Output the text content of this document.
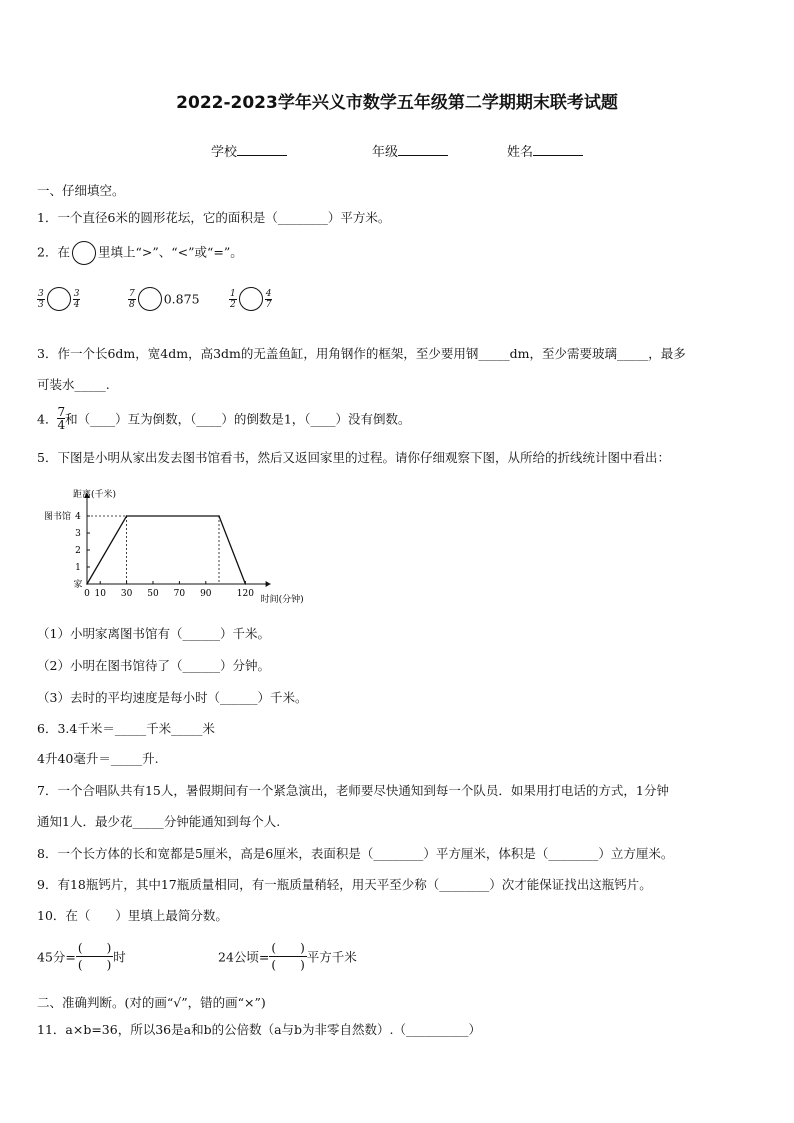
2022-2023学年兴义市数学五年级第二学期期末联考试题
学校	年级	姓名
一、仔细填空。
1．一个直径6米的圆形花坛，它的面积是（________）平方米。
2．在 里填上“>”、“<”或“=”。
$\frac{3}{3}$	$\frac{3}{4}$	$\frac{7}{8} 0.875$	$\frac{1}{2}$	$\frac{4}{7}$
3．作一个长6dm，宽4dm，高3dm的无盖鱼缸，用角钢作的框架，至少要用钢_____dm，至少需要玻璃_____，最多
可装水_____.
4． $\frac{7}{4}$ 和（____）互为倒数，（____）的倒数是1，（____）没有倒数。
5．下图是小明从家出发去图书馆看书，然后又返回家里的过程。请你仔细观察下图，从所给的折线统计图中看出：
距离(千米)
时间(分钟)
1
2
3
4
图书馆
家
0 10 30 50 70 90	120
（1）小明家离图书馆有（______）千米。
（2）小明在图书馆待了（______）分钟。
（3）去时的平均速度是每小时（______）千米。
6．3.4千米＝_____千米_____米
4升40毫升＝_____升.
7．一个合唱队共有15人，暑假期间有一个紧急演出，老师要尽快通知到每一个队员．如果用打电话的方式，1分钟
通知1人．最少花_____分钟能通知到每个人.
8．一个长方体的长和宽都是5厘米，高是6厘米，表面积是（________）平方厘米，体积是（________）立方厘米。
9．有18瓶钙片，其中17瓶质量相同，有一瓶质量稍轻，用天平至少称（________）次才能保证找出这瓶钙片。
10．在（　　）里填上最简分数。
45分=
(　　)
(　　)
时	24公顷=
(　　)
(　　)
平方千米
二、准确判断。(对的画“√”，错的画“×”)
11．a×b=36，所以36是a和b的公倍数（a与b为非零自然数）.（__________）
